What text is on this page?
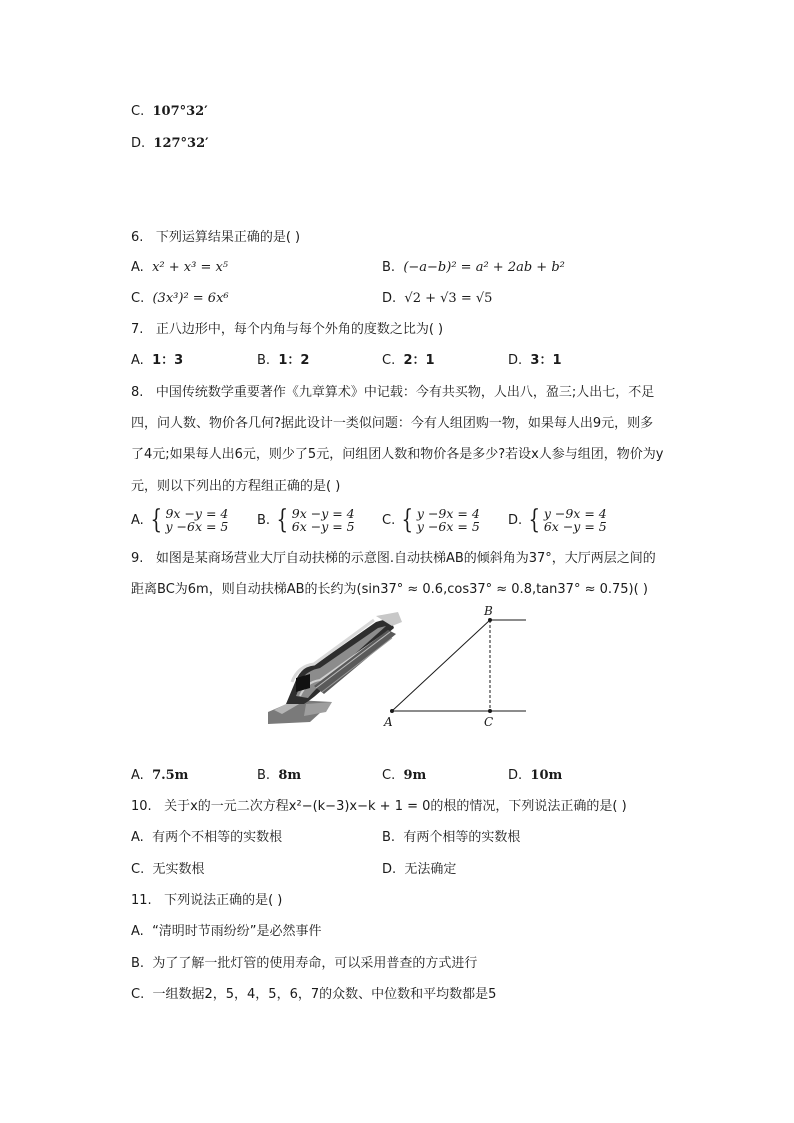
C. 107°32′
D. 127°32′
6. 下列运算结果正确的是( )
A. x² + x³ = x⁵	B. (−a−b)² = a² + 2ab + b²
C. (3x³)² = 6x⁶	D. √2 + √3 = √5
7. 正八边形中，每个内角与每个外角的度数之比为( )
A. 1：3	B. 1：2	C. 2：1	D. 3：1
8. 中国传统数学重要著作《九章算术》中记载：今有共买物，人出八，盈三;人出七，不足
四，问人数、物价各几何?据此设计一类似问题：今有人组团购一物，如果每人出9元，则多
了4元;如果每人出6元，则少了5元，问组团人数和物价各是多少?若设x人参与组团，物价为y
元，则以下列出的方程组正确的是( )
A. { 9x −y = 4
y −6x = 5 B. { 9x −y = 4
6x −y = 5 C. { y −9x = 4
y −6x = 5 D. { y −9x = 4
6x −y = 5
9. 如图是某商场营业大厅自动扶梯的示意图.自动扶梯AB的倾斜角为37°，大厅两层之间的
距离BC为6m，则自动扶梯AB的长约为(sin37° ≈ 0.6,cos37° ≈ 0.8,tan37° ≈ 0.75)( )
A
B
C
A. 7.5m	B. 8m	C. 9m	D. 10m
10. 关于x的一元二次方程x²−(k−3)x−k + 1 = 0的根的情况，下列说法正确的是( )
A. 有两个不相等的实数根	B. 有两个相等的实数根
C. 无实数根	D. 无法确定
11. 下列说法正确的是( )
A. “清明时节雨纷纷”是必然事件
B. 为了了解一批灯管的使用寿命，可以采用普查的方式进行
C. 一组数据2，5，4，5，6，7的众数、中位数和平均数都是5
